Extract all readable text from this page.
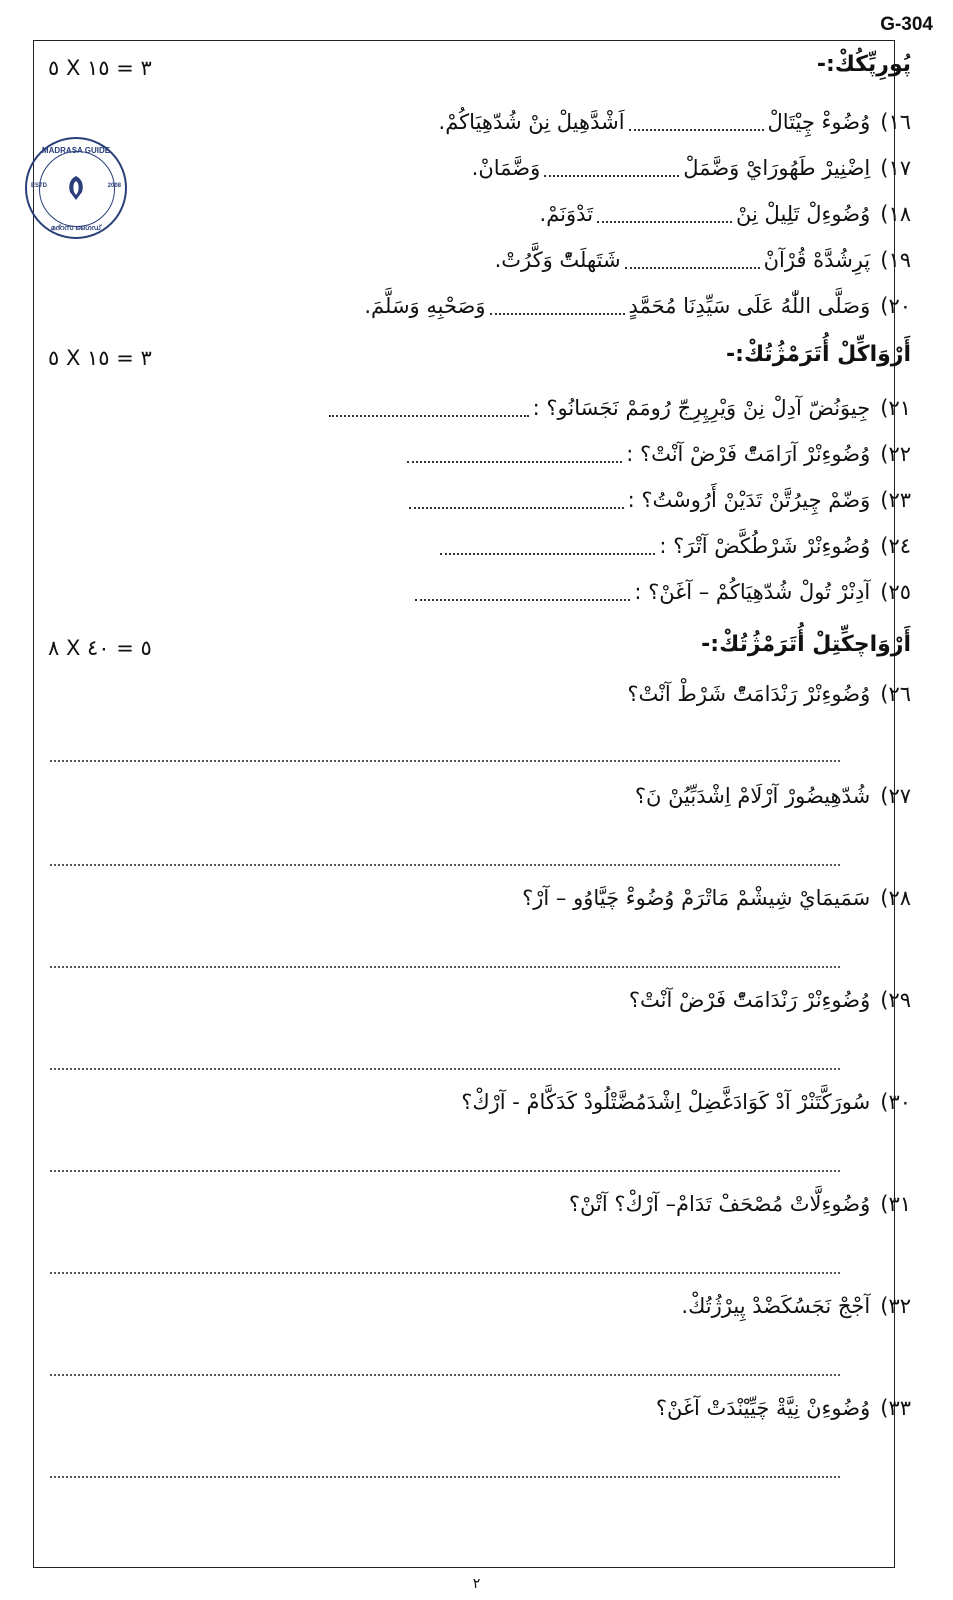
G-304
MADRASA GUIDE
ESTD	2008
മദ്റസ ഗൈഡ്
پُورِپِّكُكْ:-
٥ X ٣ = ١٥
١٦)وُضُوءْ چِيْتَالْاَشْدَّهِيلْ نِنْ شُدّهِيَاكُمْ.
١٧)اِضْنِيرْ طَهُورَايْ وَضَّمَلْوَضَّمَانْ.
١٨)وُضُوءِلْ تَلِيلْ نِنْتَدْوَنَمْ.
١٩)پَرِشُدَّهْ قُرْآنْشَتَهلَتّْ وَكَّرُتْ.
٢٠)وَصَلَّى اللّٰهُ عَلَى سَيِّدِنَا مُحَمَّدٍوَصَحْبِهِ وَسَلَّمَ.
أَرْوَاكِّلْ أُتَرَمْژُتُكْ:-
٥ X ٣ = ١٥
٢١)جِيوَنُضّ آدِلْ نِنْ وَيْرِپِرِجّ رُومَمْ نَجَسَانُو؟ :
٢٢)وُضُوءِنْرْ آرَامَتّْ فَرْضْ آنْتْ؟ :
٢٣)وَضّمْ چِيرُتَّنْ تَدَيْنْ أَرُوسْتُ؟ :
٢٤)وُضُوءِنْرْ شَرْطُكَّضْ آتْرَ؟ :
٢٥)آدِنْرْ تُولْ شُدّهِيَاكُمْ – آغَنْ؟ :
أَرْوَاچكِّتِلْ أُتَرَمْژُتُكْ:-
٨ X ٥ = ٤٠
٢٦)وُضُوءِنْرْ رَنْدَامَتّْ شَرْطْ آنْتْ؟
٢٧)شُدّهِيضُورْ آرْلَامْ اِشْدَبِّيُنْ نَ؟
٢٨)سَمَيمَايْ شِيشْمْ مَاتْرَمْ وُضُوءْ چَيَّاوُو – آرْ؟
٢٩)وُضُوءِنْرْ رَنْدَامَتّْ فَرْضْ آنْتْ؟
٣٠)سُورَكَّتَنْرْ آدْ كَوَادَغَّضِلْ اِشْدَمُضَّتْلُودْ كَدَكَّامْ - آرْكْ؟
٣١)وُضُوءِلَّاتْ مُصْحَفْ تَدَامْ– آرْكْ؟ آتْنْ؟
٣٢)آجْجْ نَجَسُكَضْدْ پِيرْژُتُكْ.
٣٣)وُضُوءِنْ نِيَّةْ چَيِّيْنْدَتْ آغَنْ؟
٢
